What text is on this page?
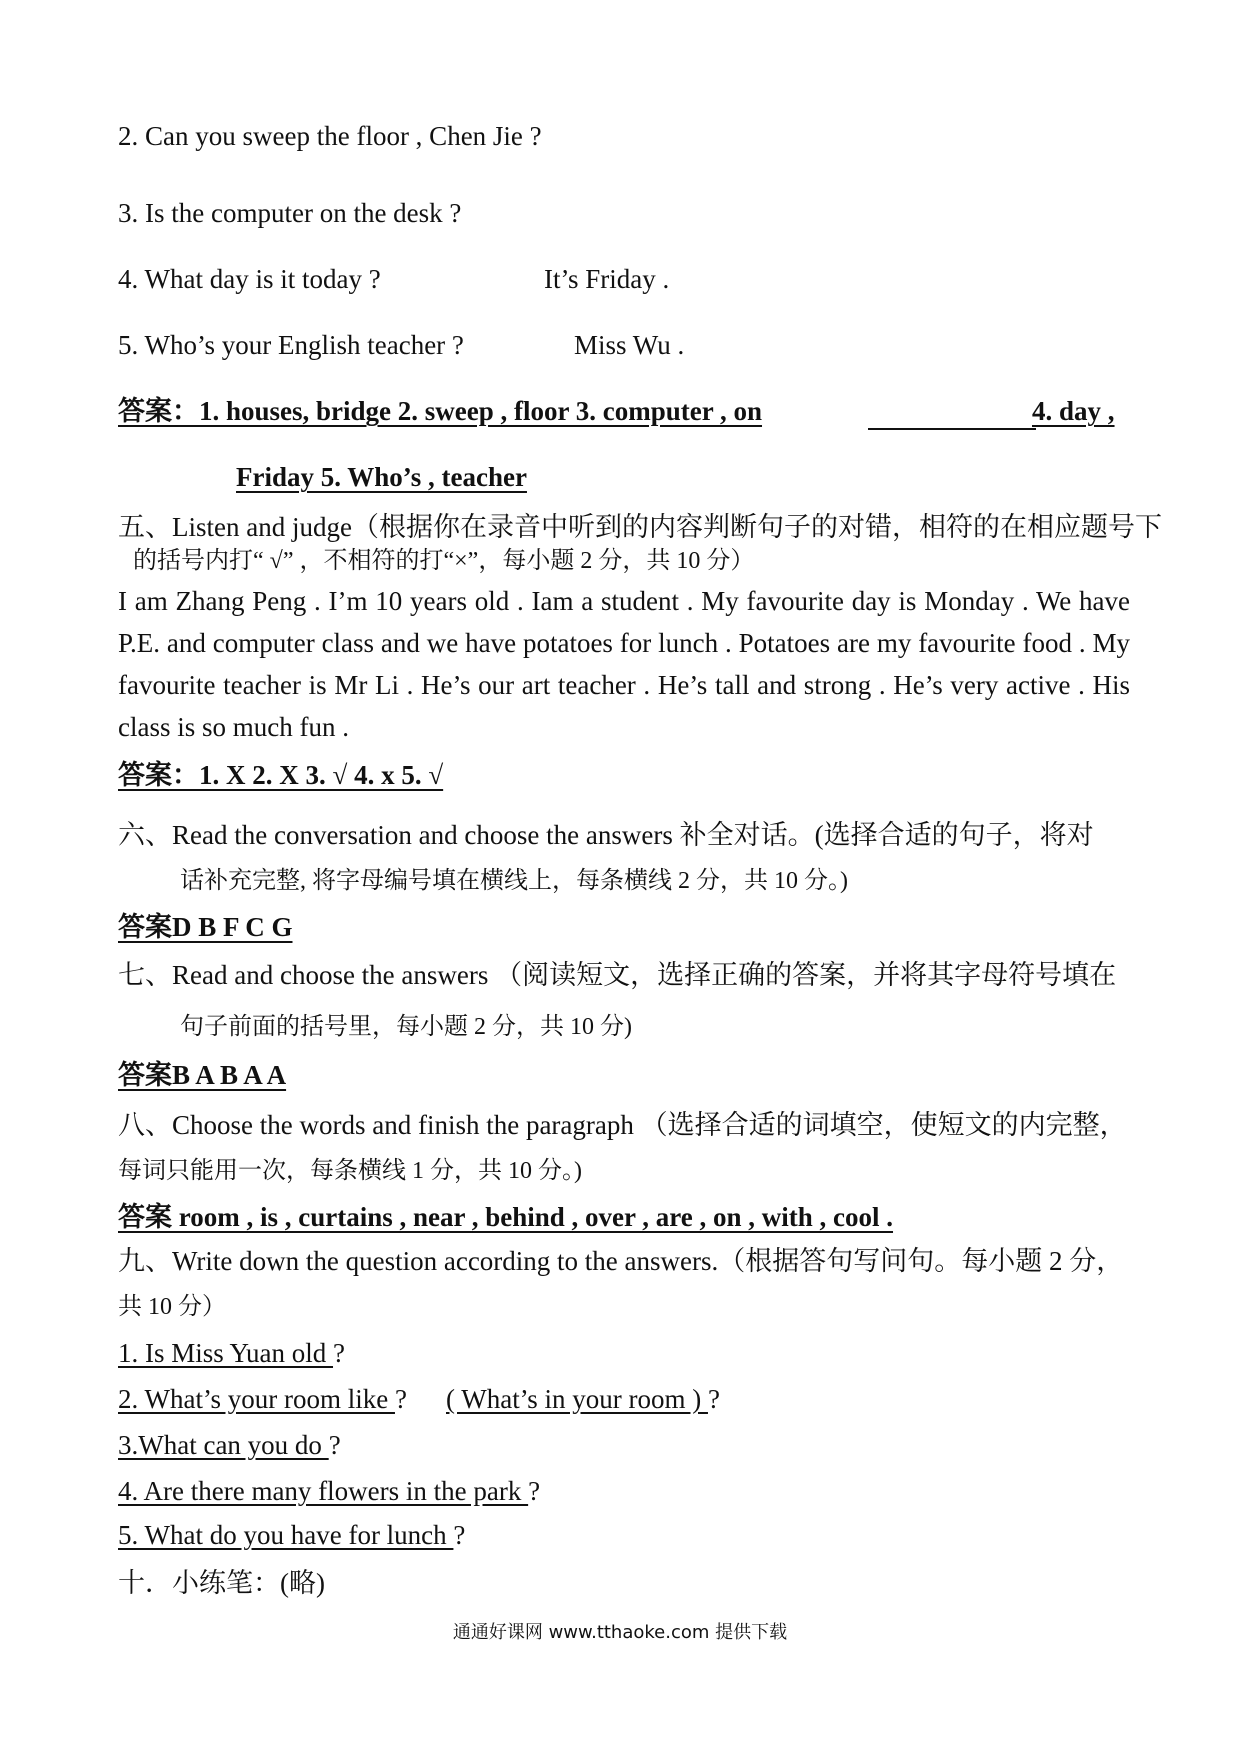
2. Can you sweep the floor , Chen Jie ?
3. Is the computer on the desk ?
4. What day is it today ?	It’s Friday .
5. Who’s your English teacher ?	Miss Wu .
答案：1. houses, bridge 2. sweep , floor 3. computer , on	4. day ,
Friday 5. Who’s , teacher
五、Listen and judge（根据你在录音中听到的内容判断句子的对错，相符的在相应题号下
的括号内打“ √” ，不相符的打“×”，每小题 2 分，共 10 分）
I am Zhang Peng . I’m 10 years old . Iam a student . My favourite day is Monday . We have P.E. and computer class and we have potatoes for lunch . Potatoes are my favourite food . My favourite teacher is Mr Li . He’s our art teacher . He’s tall and strong . He’s very active . His class is so much fun .
答案：1. X 2. X 3. √ 4. x 5. √
六、Read the conversation and choose the answers 补全对话。(选择合适的句子，将对
话补充完整, 将字母编号填在横线上，每条横线 2 分，共 10 分。)
答案D B F C G
七、Read and choose the answers （阅读短文，选择正确的答案，并将其字母符号填在
句子前面的括号里，每小题 2 分，共 10 分)
答案B A B A A
八、Choose the words and finish the paragraph （选择合适的词填空，使短文的内完整，
每词只能用一次，每条横线 1 分，共 10 分。)
答案 room , is , curtains , near , behind , over , are , on , with , cool .
九、Write down the question according to the answers.（根据答句写问句。每小题 2 分，
共 10 分）
1. Is Miss Yuan old ?
2. What’s your room like ? ( What’s in your room ) ?
3.What can you do ?
4. Are there many flowers in the park ?
5. What do you have for lunch ?
十．小练笔：(略)
通通好课网 www.tthaoke.com 提供下载
